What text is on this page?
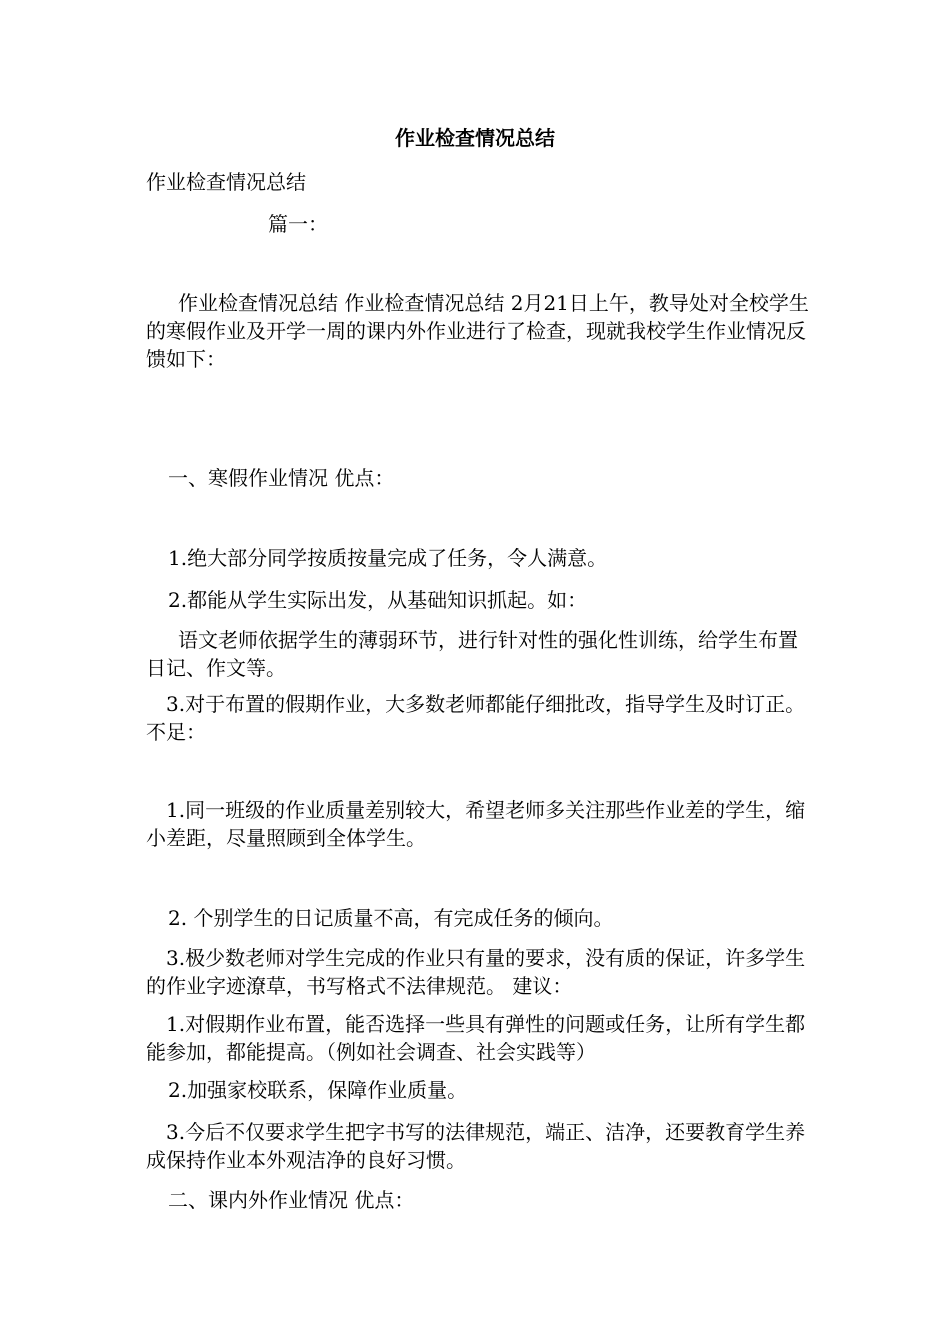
作业检查情况总结
作业检查情况总结
篇一：
作业检查情况总结 作业检查情况总结 2月21日上午，教导处对全校学生的寒假作业及开学一周的课内外作业进行了检查，现就我校学生作业情况反馈如下：
一、寒假作业情况 优点：
1.绝大部分同学按质按量完成了任务，令人满意。
2.都能从学生实际出发，从基础知识抓起。如：
语文老师依据学生的薄弱环节，进行针对性的强化性训练，给学生布置日记、作文等。
3.对于布置的假期作业，大多数老师都能仔细批改，指导学生及时订正。 不足：
1.同一班级的作业质量差别较大，希望老师多关注那些作业差的学生，缩小差距，尽量照顾到全体学生。
2. 个别学生的日记质量不高，有完成任务的倾向。
3.极少数老师对学生完成的作业只有量的要求，没有质的保证，许多学生的作业字迹潦草，书写格式不法律规范。 建议：
1.对假期作业布置，能否选择一些具有弹性的问题或任务，让所有学生都能参加，都能提高。（例如社会调查、社会实践等）
2.加强家校联系，保障作业质量。
3.今后不仅要求学生把字书写的法律规范，端正、洁净，还要教育学生养成保持作业本外观洁净的良好习惯。
二、课内外作业情况 优点：
